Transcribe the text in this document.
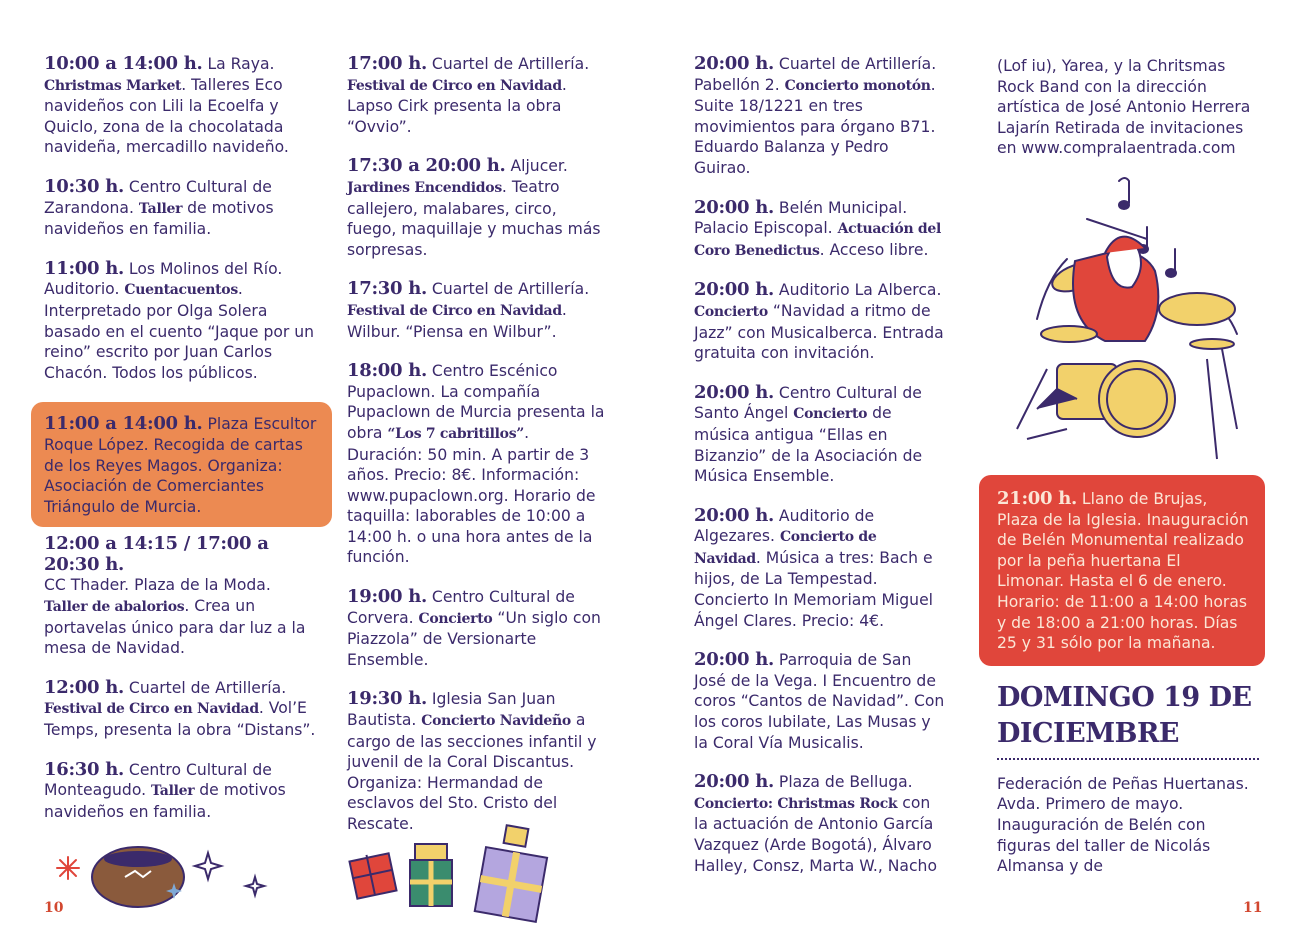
10:00 a 14:00 h. La Raya. Christmas Market. Talleres Eco navideños con Lili la Ecoelfa y Quiclo, zona de la chocolatada navideña, mercadillo navideño.
10:30 h. Centro Cultural de Zarandona. Taller de motivos navideños en familia.
11:00 h. Los Molinos del Río. Auditorio. Cuentacuentos. Interpretado por Olga Solera basado en el cuento “Jaque por un reino” escrito por Juan Carlos Chacón. Todos los públicos.
11:00 a 14:00 h. Plaza Escultor Roque López. Recogida de cartas de los Reyes Magos. Organiza: Asociación de Comerciantes Triángulo de Murcia.
12:00 a 14:15 / 17:00 a 20:30 h.
CC Thader. Plaza de la Moda. Taller de abalorios. Crea un portavelas único para dar luz a la mesa de Navidad.
12:00 h. Cuartel de Artillería. Festival de Circo en Navidad. Vol’E Temps, presenta la obra “Distans”.
16:30 h. Centro Cultural de Monteagudo. Taller de motivos navideños en familia.
17:00 h. Cuartel de Artillería. Festival de Circo en Navidad. Lapso Cirk presenta la obra “Ovvio”.
17:30 a 20:00 h. Aljucer. Jardines Encendidos. Teatro callejero, malabares, circo, fuego, maquillaje y muchas más sorpresas.
17:30 h. Cuartel de Artillería. Festival de Circo en Navidad. Wilbur. “Piensa en Wilbur”.
18:00 h. Centro Escénico Pupaclown. La compañía Pupaclown de Murcia presenta la obra “Los 7 cabritillos”. Duración: 50 min. A partir de 3 años. Precio: 8€. Información: www.pupaclown.org. Horario de taquilla: laborables de 10:00 a 14:00 h. o una hora antes de la función.
19:00 h. Centro Cultural de Corvera. Concierto “Un siglo con Piazzola” de Versionarte Ensemble.
19:30 h. Iglesia San Juan Bautista. Concierto Navideño a cargo de las secciones infantil y juvenil de la Coral Discantus. Organiza: Hermandad de esclavos del Sto. Cristo del Rescate.
20:00 h. Cuartel de Artillería. Pabellón 2. Concierto monotón. Suite 18/1221 en tres movimientos para órgano B71. Eduardo Balanza y Pedro Guirao.
20:00 h. Belén Municipal. Palacio Episcopal. Actuación del Coro Benedictus. Acceso libre.
20:00 h. Auditorio La Alberca. Concierto “Navidad a ritmo de Jazz” con Musicalberca. Entrada gratuita con invitación.
20:00 h. Centro Cultural de Santo Ángel Concierto de música antigua “Ellas en Bizanzio” de la Asociación de Música Ensemble.
20:00 h. Auditorio de Algezares. Concierto de Navidad. Música a tres: Bach e hijos, de La Tempestad. Concierto In Memoriam Miguel Ángel Clares. Precio: 4€.
20:00 h. Parroquia de San José de la Vega. I Encuentro de coros “Cantos de Navidad”. Con los coros Iubilate, Las Musas y la Coral Vía Musicalis.
20:00 h. Plaza de Belluga. Concierto: Christmas Rock con la actuación de Antonio García Vazquez (Arde Bogotá), Álvaro Halley, Consz, Marta W., Nacho
(Lof iu), Yarea, y la Chritsmas Rock Band con la dirección artística de José Antonio Herrera Lajarín Retirada de invitaciones en www.compralaentrada.com
21:00 h. Llano de Brujas, Plaza de la Iglesia. Inauguración de Belén Monumental realizado por la peña huertana El Limonar. Hasta el 6 de enero. Horario: de 11:00 a 14:00 horas y de 18:00 a 21:00 horas. Días 25 y 31 sólo por la mañana.
DOMINGO 19 DE DICIEMBRE
Federación de Peñas Huertanas. Avda. Primero de mayo. Inauguración de Belén con figuras del taller de Nicolás Almansa y de
10	11
